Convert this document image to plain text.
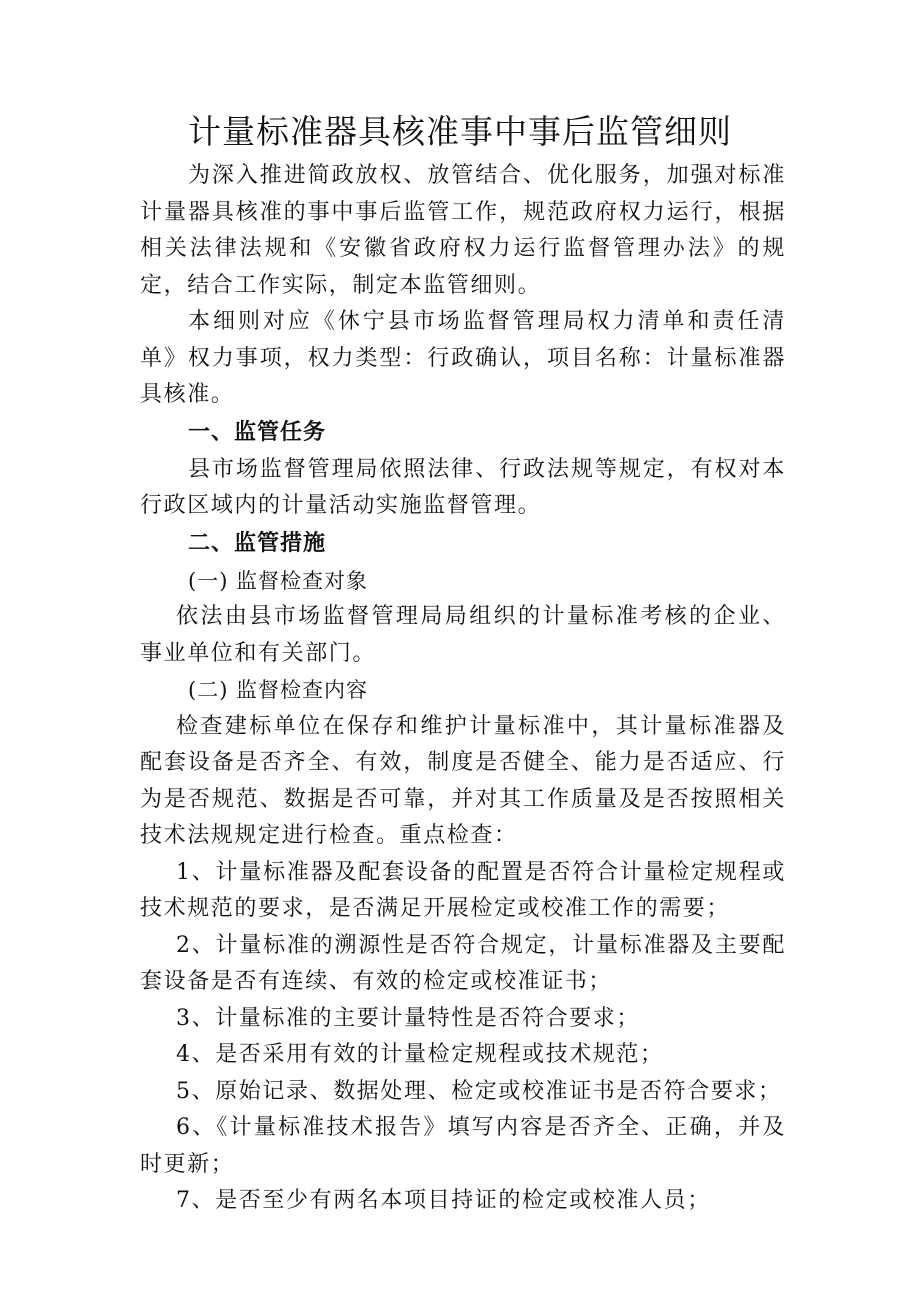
计量标准器具核准事中事后监管细则

为深入推进简政放权、放管结合、优化服务，加强对标准计量器具核准的事中事后监管工作，规范政府权力运行，根据相关法律法规和《安徽省政府权力运行监督管理办法》的规定，结合工作实际，制定本监管细则。

本细则对应《休宁县市场监督管理局权力清单和责任清单》权力事项，权力类型：行政确认，项目名称：计量标准器具核准。

一、监管任务

县市场监督管理局依照法律、行政法规等规定，有权对本行政区域内的计量活动实施监督管理。

二、监管措施

(一) 监督检查对象

依法由县市场监督管理局局组织的计量标准考核的企业、事业单位和有关部门。

(二) 监督检查内容

检查建标单位在保存和维护计量标准中，其计量标准器及配套设备是否齐全、有效，制度是否健全、能力是否适应、行为是否规范、数据是否可靠，并对其工作质量及是否按照相关技术法规规定进行检查。重点检查：

1、计量标准器及配套设备的配置是否符合计量检定规程或技术规范的要求，是否满足开展检定或校准工作的需要；

2、计量标准的溯源性是否符合规定，计量标准器及主要配套设备是否有连续、有效的检定或校准证书；

3、计量标准的主要计量特性是否符合要求；

4、是否采用有效的计量检定规程或技术规范；

5、原始记录、数据处理、检定或校准证书是否符合要求；

6、《计量标准技术报告》填写内容是否齐全、正确，并及时更新；

7、是否至少有两名本项目持证的检定或校准人员；
